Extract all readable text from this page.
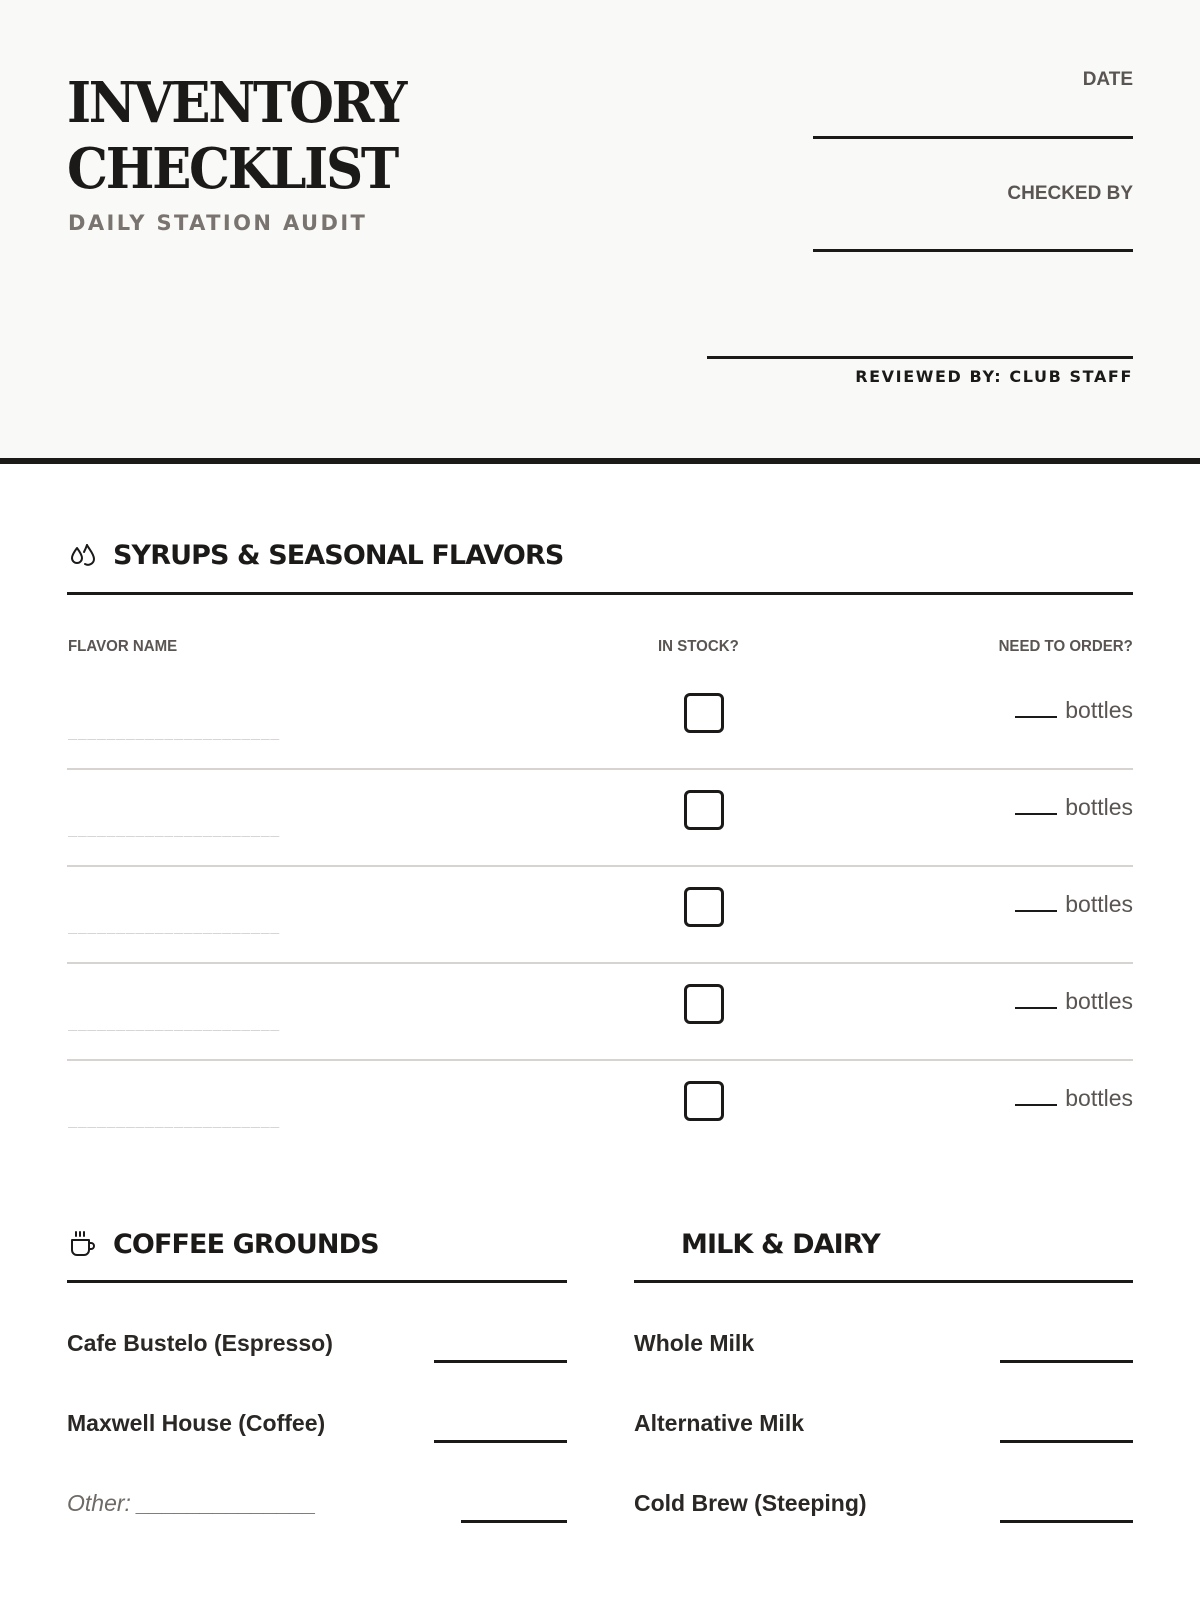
INVENTORY
CHECKLIST
DAILY STATION AUDIT
DATE
CHECKED BY
REVIEWED BY: CLUB STAFF
SYRUPS & SEASONAL FLAVORS
FLAVOR NAME	IN STOCK?	NEED TO ORDER?
______________________
bottles
______________________
bottles
______________________
bottles
______________________
bottles
______________________
bottles
COFFEE GROUNDS
Cafe Bustelo (Espresso)
Maxwell House (Coffee)
Other: ______________
MILK & DAIRY
Whole Milk
Alternative Milk
Cold Brew (Steeping)
